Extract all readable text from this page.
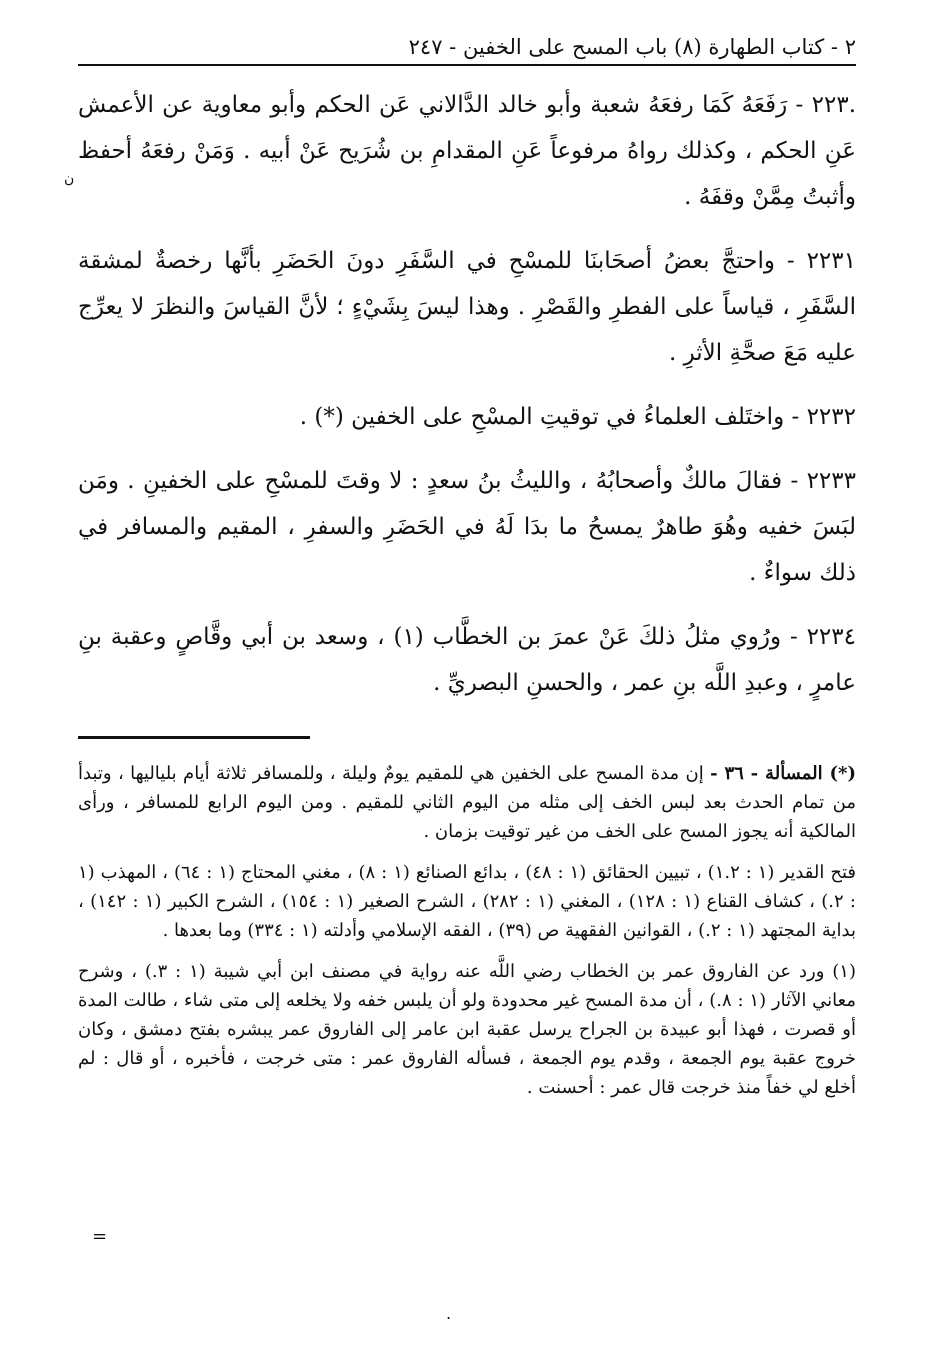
٢ - كتاب الطهارة (٨) باب المسح على الخفين - ٢٤٧

.٢٢٣ - رَفَعَهُ كَمَا رفعَهُ شعبة وأبو خالد الدَّالاني عَن الحكم وأبو معاوية عن الأعمش عَنِ الحكم ، وكذلك رواهُ مرفوعاً عَنِ المقدامِ بن شُرَيح عَنْ أبيه . وَمَنْ رفعَهُ أحفظ وأثبتُ مِمَّنْ وقفَهُ .

٢٢٣١ - واحتجَّ بعضُ أصحَابنَا للمسْحِ في السَّفَرِ دونَ الحَضَرِ بأنَّها رخصةٌ لمشقة السَّفَرِ ، قياساً على الفطرِ والقَصْرِ . وهذا ليسَ بِشَيْءٍ ؛ لأنَّ القياسَ والنظرَ لا يعرِّج عليه مَعَ صحَّةِ الأثرِ .

٢٢٣٢ - واختَلف العلماءُ في توقيتِ المسْحِ على الخفين (*) .

٢٢٣٣ - فقالَ مالكٌ وأصحابُهُ ، والليثُ بنُ سعدٍ : لا وقتَ للمسْحِ على الخفينِ . ومَن لبَسَ خفيه وهُوَ طاهرٌ يمسحُ ما بدَا لَهُ في الحَضَرِ والسفرِ ، المقيم والمسافر في ذلك سواءٌ .

٢٢٣٤ - ورُوي مثلُ ذلكَ عَنْ عمرَ بن الخطَّاب (١) ، وسعد بن أبي وقَّاصٍ وعقبة بنِ عامرٍ ، وعبدِ اللَّه بنِ عمر ، والحسنِ البصريِّ .

ن

(*) المسألة - ٣٦ - إن مدة المسح على الخفين هي للمقيم يومٌ وليلة ، وللمسافر ثلاثة أيام بلياليها ، وتبدأ من تمام الحدث بعد لبس الخف إلى مثله من اليوم الثاني للمقيم . ومن اليوم الرابع للمسافر ، ورأى المالكية أنه يجوز المسح على الخف من غير توقيت بزمان .

فتح القدير (١ : ١.٢) ، تبيين الحقائق (١ : ٤٨) ، بدائع الصنائع (١ : ٨) ، مغني المحتاج (١ : ٦٤) ، المهذب (١ : ٢.) ، كشاف القناع (١ : ١٢٨) ، المغني (١ : ٢٨٢) ، الشرح الصغير (١ : ١٥٤) ، الشرح الكبير (١ : ١٤٢) ، بداية المجتهد (١ : ٢.) ، القوانين الفقهية ص (٣٩) ، الفقه الإسلامي وأدلته (١ : ٣٣٤) وما بعدها .

(١) ورد عن الفاروق عمر بن الخطاب رضي اللَّه عنه رواية في مصنف ابن أبي شيبة (١ : ٣.) ، وشرح معاني الآثار (١ : ٨.) ، أن مدة المسح غير محدودة ولو أن يلبس خفه ولا يخلعه إلى متى شاء ، طالت المدة أو قصرت ، فهذا أبو عبيدة بن الجراح يرسل عقبة ابن عامر إلى الفاروق عمر يبشره بفتح دمشق ، وكان خروج عقبة يوم الجمعة ، وقدم يوم الجمعة ، فسأله الفاروق عمر : متى خرجت ، فأخبره ، أو قال : لم أخلع لي خفاً منذ خرجت قال عمر : أحسنت .

=
.
